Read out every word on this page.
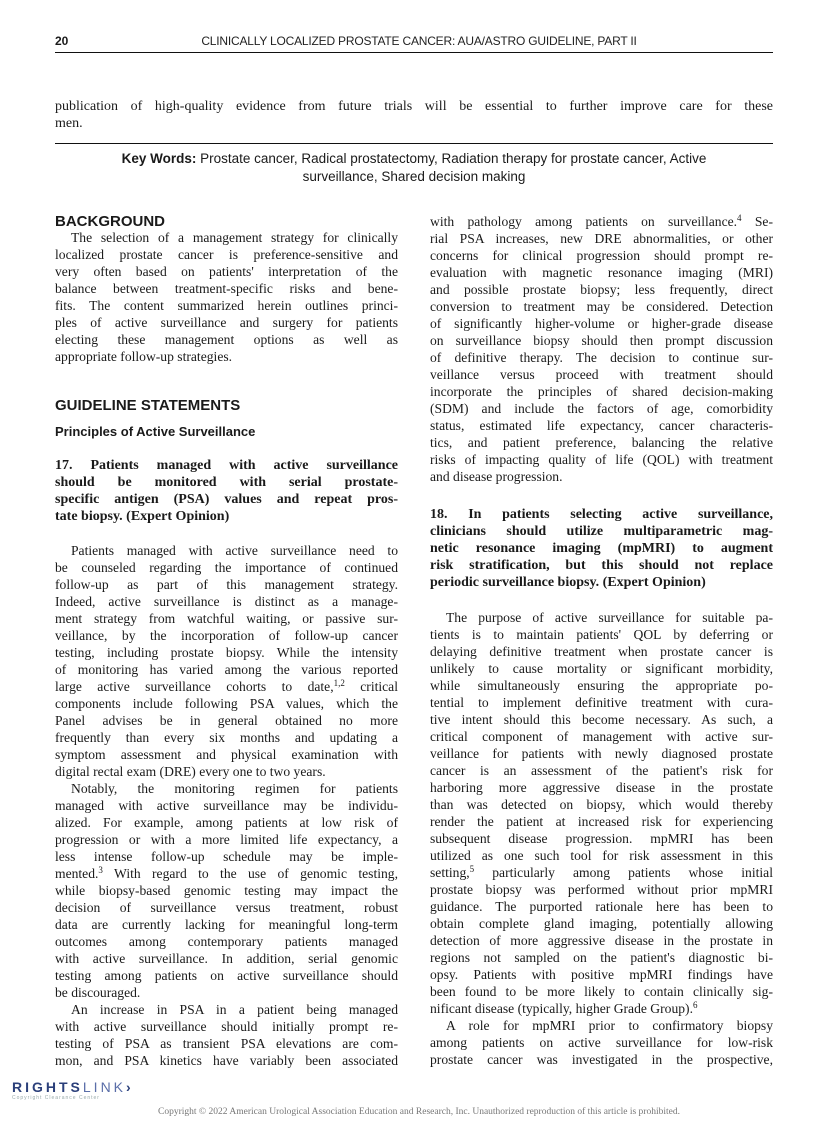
20	CLINICALLY LOCALIZED PROSTATE CANCER: AUA/ASTRO GUIDELINE, PART II
publication of high-quality evidence from future trials will be essential to further improve care for these
men.
Key Words: Prostate cancer, Radical prostatectomy, Radiation therapy for prostate cancer, Active
surveillance, Shared decision making
BACKGROUND
The selection of a management strategy for clinically
localized prostate cancer is preference-sensitive and
very often based on patients' interpretation of the
balance between treatment-specific risks and bene-
fits. The content summarized herein outlines princi-
ples of active surveillance and surgery for patients
electing these management options as well as
appropriate follow-up strategies.
GUIDELINE STATEMENTS
Principles of Active Surveillance
17. Patients managed with active surveillance
should be monitored with serial prostate-
specific antigen (PSA) values and repeat pros-
tate biopsy. (Expert Opinion)
Patients managed with active surveillance need to
be counseled regarding the importance of continued
follow-up as part of this management strategy.
Indeed, active surveillance is distinct as a manage-
ment strategy from watchful waiting, or passive sur-
veillance, by the incorporation of follow-up cancer
testing, including prostate biopsy. While the intensity
of monitoring has varied among the various reported
large active surveillance cohorts to date,$^{1,2}$ critical
components include following PSA values, which the
Panel advises be in general obtained no more
frequently than every six months and updating a
symptom assessment and physical examination with
digital rectal exam (DRE) every one to two years.
Notably, the monitoring regimen for patients
managed with active surveillance may be individu-
alized. For example, among patients at low risk of
progression or with a more limited life expectancy, a
less intense follow-up schedule may be imple-
mented.$^3$ With regard to the use of genomic testing,
while biopsy-based genomic testing may impact the
decision of surveillance versus treatment, robust
data are currently lacking for meaningful long-term
outcomes among contemporary patients managed
with active surveillance. In addition, serial genomic
testing among patients on active surveillance should
be discouraged.
An increase in PSA in a patient being managed
with active surveillance should initially prompt re-
testing of PSA as transient PSA elevations are com-
mon, and PSA kinetics have variably been associated
with pathology among patients on surveillance.$^4$ Se-
rial PSA increases, new DRE abnormalities, or other
concerns for clinical progression should prompt re-
evaluation with magnetic resonance imaging (MRI)
and possible prostate biopsy; less frequently, direct
conversion to treatment may be considered. Detection
of significantly higher-volume or higher-grade disease
on surveillance biopsy should then prompt discussion
of definitive therapy. The decision to continue sur-
veillance versus proceed with treatment should
incorporate the principles of shared decision-making
(SDM) and include the factors of age, comorbidity
status, estimated life expectancy, cancer characteris-
tics, and patient preference, balancing the relative
risks of impacting quality of life (QOL) with treatment
and disease progression.
18. In patients selecting active surveillance,
clinicians should utilize multiparametric mag-
netic resonance imaging (mpMRI) to augment
risk stratification, but this should not replace
periodic surveillance biopsy. (Expert Opinion)
The purpose of active surveillance for suitable pa-
tients is to maintain patients' QOL by deferring or
delaying definitive treatment when prostate cancer is
unlikely to cause mortality or significant morbidity,
while simultaneously ensuring the appropriate po-
tential to implement definitive treatment with cura-
tive intent should this become necessary. As such, a
critical component of management with active sur-
veillance for patients with newly diagnosed prostate
cancer is an assessment of the patient's risk for
harboring more aggressive disease in the prostate
than was detected on biopsy, which would thereby
render the patient at increased risk for experiencing
subsequent disease progression. mpMRI has been
utilized as one such tool for risk assessment in this
setting,$^5$ particularly among patients whose initial
prostate biopsy was performed without prior mpMRI
guidance. The purported rationale here has been to
obtain complete gland imaging, potentially allowing
detection of more aggressive disease in the prostate in
regions not sampled on the patient's diagnostic bi-
opsy. Patients with positive mpMRI findings have
been found to be more likely to contain clinically sig-
nificant disease (typically, higher Grade Group).$^6$
A role for mpMRI prior to confirmatory biopsy
among patients on active surveillance for low-risk
prostate cancer was investigated in the prospective,
RIGHTSLINK›
Copyright Clearance Center
Copyright © 2022 American Urological Association Education and Research, Inc. Unauthorized reproduction of this article is prohibited.
